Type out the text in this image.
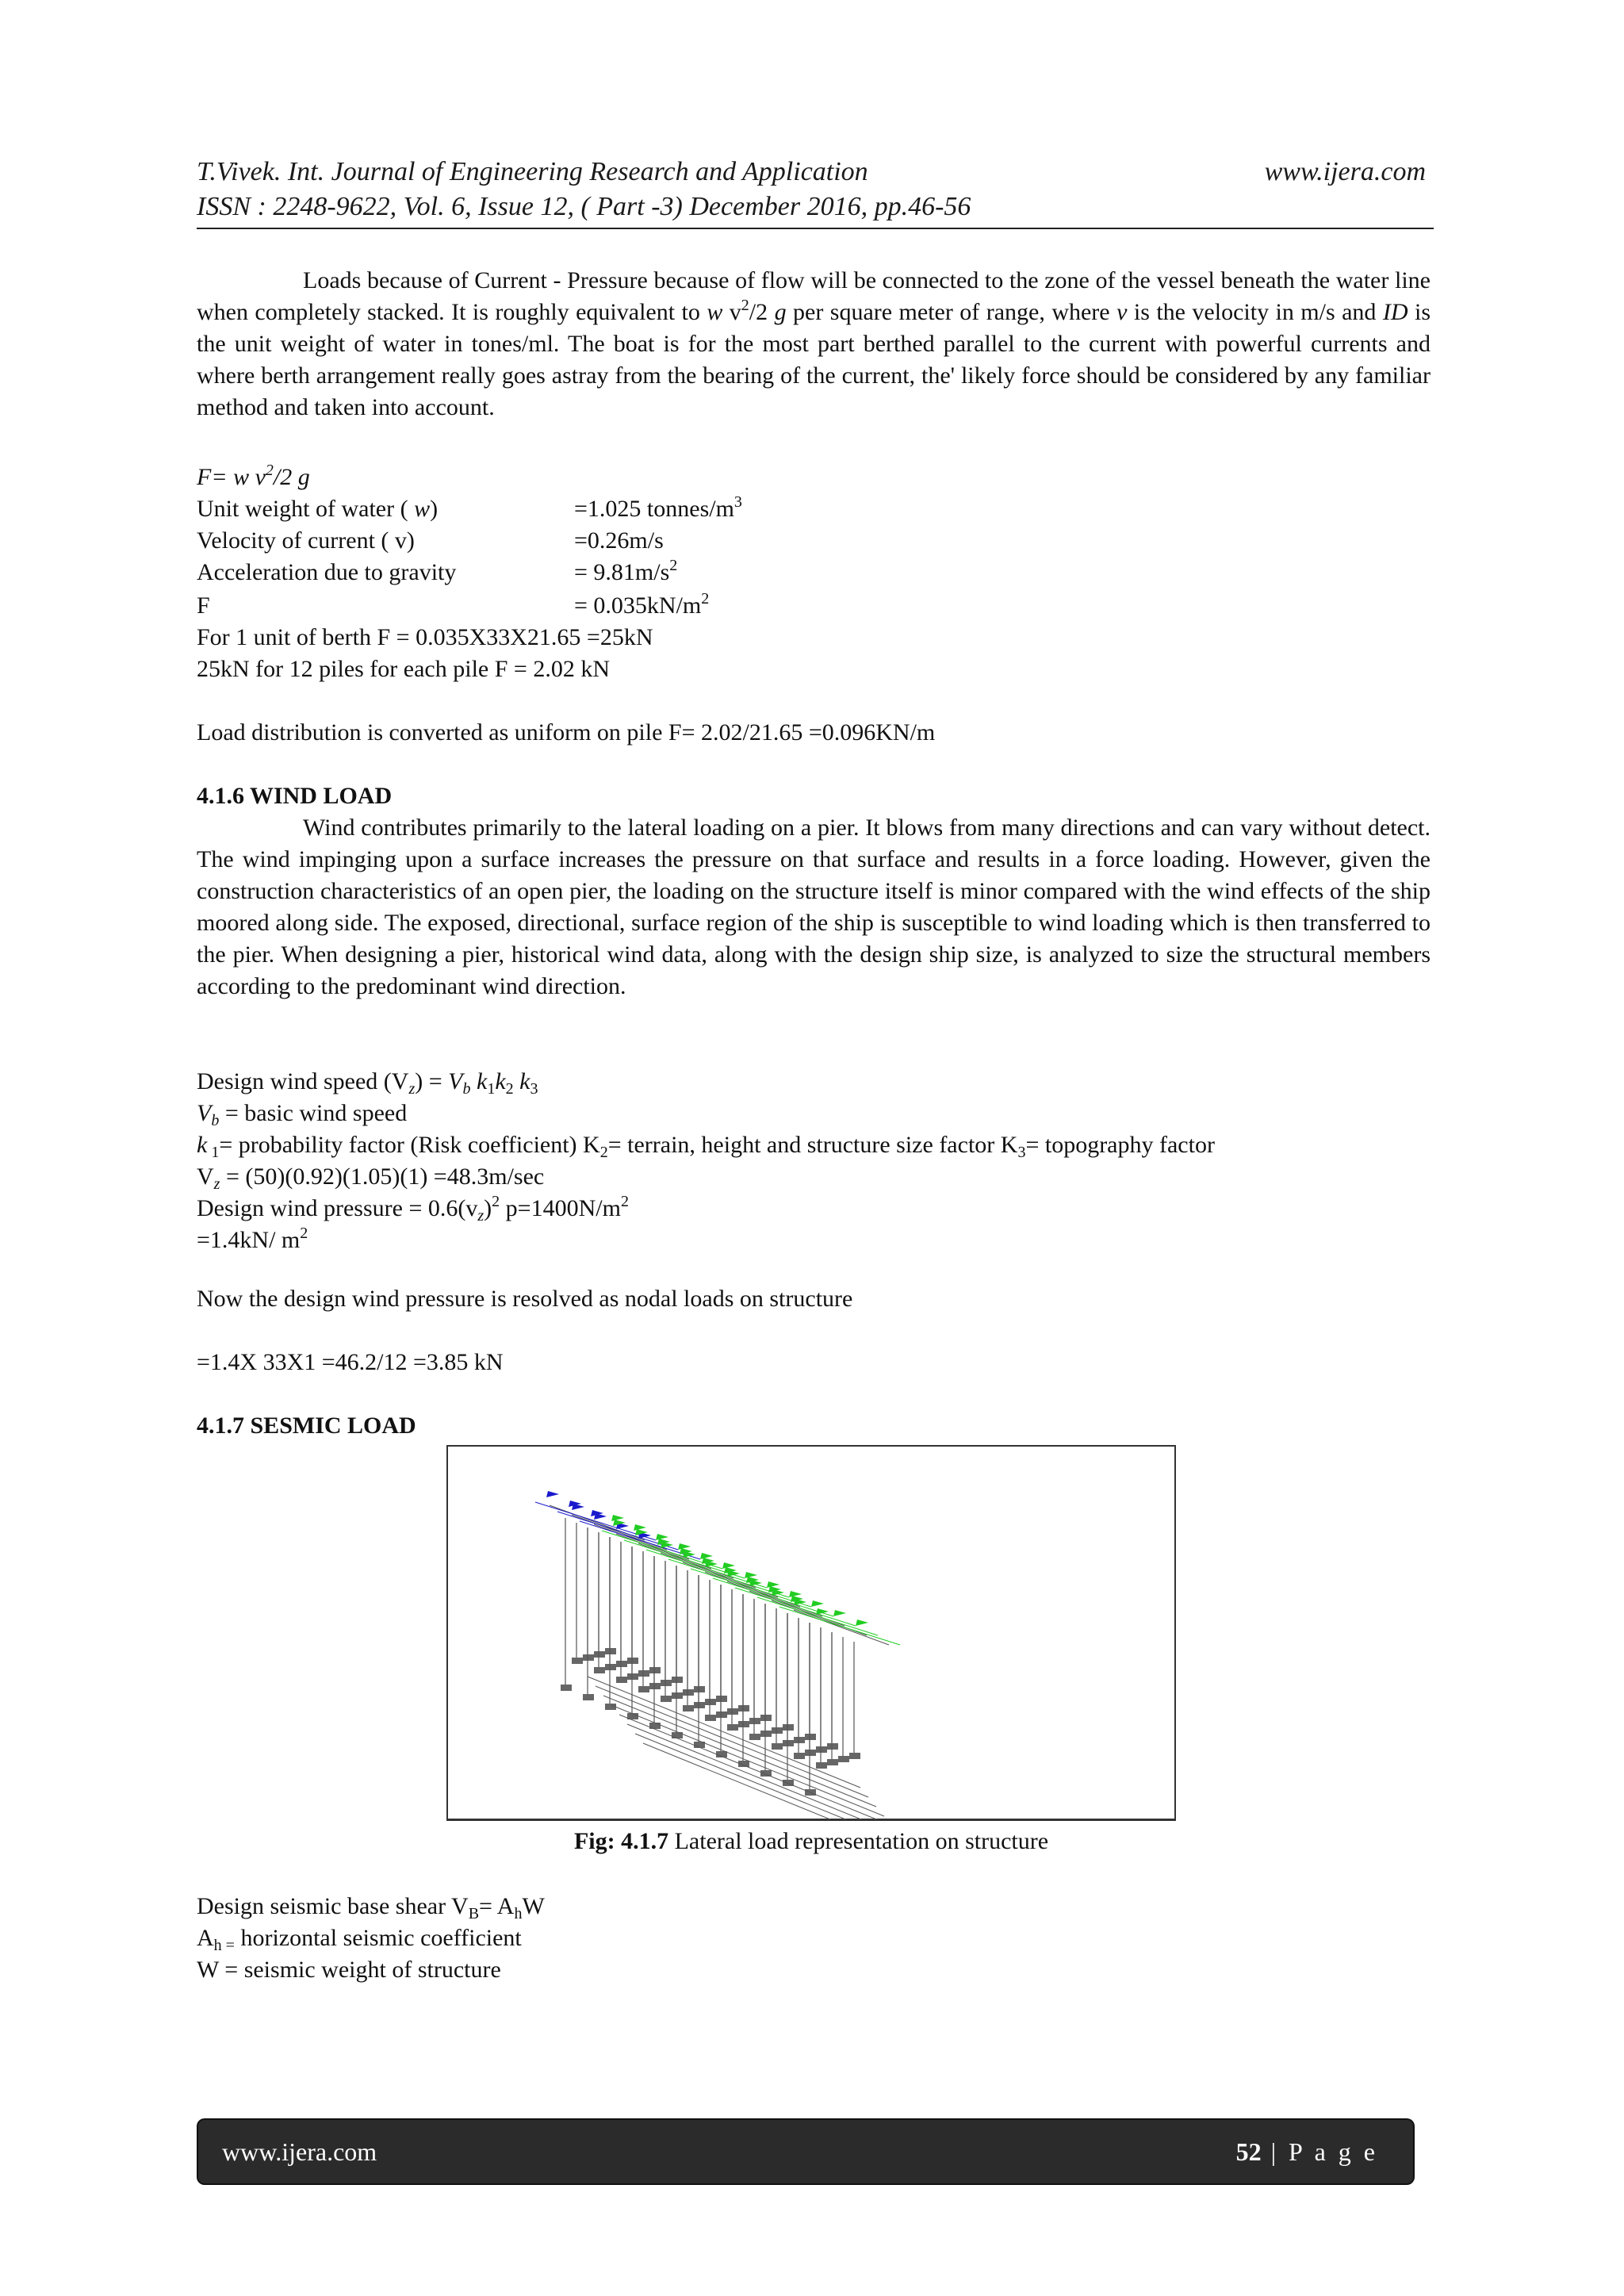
T.Vivek. Int. Journal of Engineering Research and Application
ISSN : 2248-9622, Vol. 6, Issue 12, ( Part -3) December 2016, pp.46-56
www.ijera.com
Loads because of Current - Pressure because of flow will be connected to the zone of the vessel beneath the water line when completely stacked. It is roughly equivalent to w $v^2/2$ g per square meter of range, where v is the velocity in m/s and ID is the unit weight of water in tones/ml. The boat is for the most part berthed parallel to the current with powerful currents and where berth arrangement really goes astray from the bearing of the current, the' likely force should be considered by any familiar method and taken into account.
F= w $v^2/2$ g
Unit weight of water ( w)	=1.025 tonnes/$m^3$
Velocity of current ( v)	=0.26m/s
Acceleration due to gravity	= $9.81m/s^2$
F	= $0.035kN/m^2$
For 1 unit of berth F = 0.035X33X21.65 =25kN
25kN for 12 piles for each pile F = 2.02 kN
Load distribution is converted as uniform on pile F= 2.02/21.65 =0.096KN/m
4.1.6 WIND LOAD
Wind contributes primarily to the lateral loading on a pier. It blows from many directions and can vary without detect. The wind impinging upon a surface increases the pressure on that surface and results in a force loading. However, given the construction characteristics of an open pier, the loading on the structure itself is minor compared with the wind effects of the ship moored along side. The exposed, directional, surface region of the ship is susceptible to wind loading which is then transferred to the pier. When designing a pier, historical wind data, along with the design ship size, is analyzed to size the structural members according to the predominant wind direction.
Design wind speed $(V_z) = V_b$ $k_1k_2$ $k_3$
$V_b$ = basic wind speed
k $_1$= probability factor (Risk coefficient) $K_2=$ terrain, height and structure size factor $K_3=$ topography factor
$V_z = (50)(0.92)(1.05)(1) =48.3m/\sec$
Design wind pressure = $0.6(v_z)^2$ $p=1400N/m^2$
=1.4kN/ $m^2$
Now the design wind pressure is resolved as nodal loads on structure
=1.4X 33X1 =46.2/12 =3.85 kN
4.1.7 SESMIC LOAD
Fig: 4.1.7 Lateral load representation on structure
Design seismic base shear $V_B= A_hW$
$A_{h =}$ horizontal seismic coefficient
W = seismic weight of structure
www.ijera.com	52 | P a g e
